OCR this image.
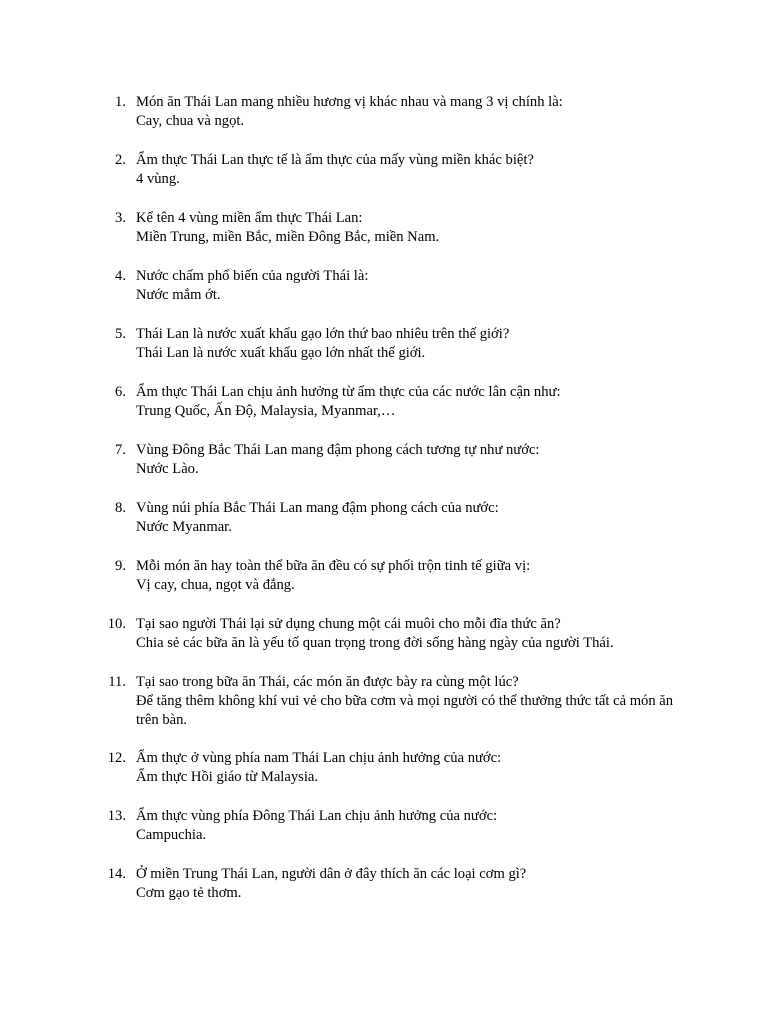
1. Món ăn Thái Lan mang nhiều hương vị khác nhau và mang 3 vị chính là:
Cay, chua và ngọt.
2. Ẩm thực Thái Lan thực tế là ẩm thực của mấy vùng miền khác biệt?
4 vùng.
3. Kể tên 4 vùng miền ẩm thực Thái Lan:
Miền Trung, miền Bắc, miền Đông Bắc, miền Nam.
4. Nước chấm phổ biến của người Thái là:
Nước mắm ớt.
5. Thái Lan là nước xuất khẩu gạo lớn thứ bao nhiêu trên thế giới?
Thái Lan là nước xuất khẩu gạo lớn nhất thế giới.
6. Ẩm thực Thái Lan chịu ảnh hưởng từ ẩm thực của các nước lân cận như:
Trung Quốc, Ấn Độ, Malaysia, Myanmar,…
7. Vùng Đông Bắc Thái Lan mang đậm phong cách tương tự như nước:
Nước Lào.
8. Vùng núi phía Bắc Thái Lan mang đậm phong cách của nước:
Nước Myanmar.
9. Mỗi món ăn hay toàn thể bữa ăn đều có sự phối trộn tinh tế giữa vị:
Vị cay, chua, ngọt và đắng.
10. Tại sao người Thái lại sử dụng chung một cái muôi cho mỗi đĩa thức ăn?
Chia sẻ các bữa ăn là yếu tố quan trọng trong đời sống hàng ngày của người Thái.
11. Tại sao trong bữa ăn Thái, các món ăn được bày ra cùng một lúc?
Để tăng thêm không khí vui vẻ cho bữa cơm và mọi người có thể thưởng thức tất cả món ăn trên bàn.
12. Ẩm thực ở vùng phía nam Thái Lan chịu ảnh hưởng của nước:
Ẩm thực Hồi giáo từ Malaysia.
13. Ẩm thực vùng phía Đông Thái Lan chịu ảnh hưởng của nước:
Campuchia.
14. Ở miền Trung Thái Lan, người dân ở đây thích ăn các loại cơm gì?
Cơm gạo tẻ thơm.
